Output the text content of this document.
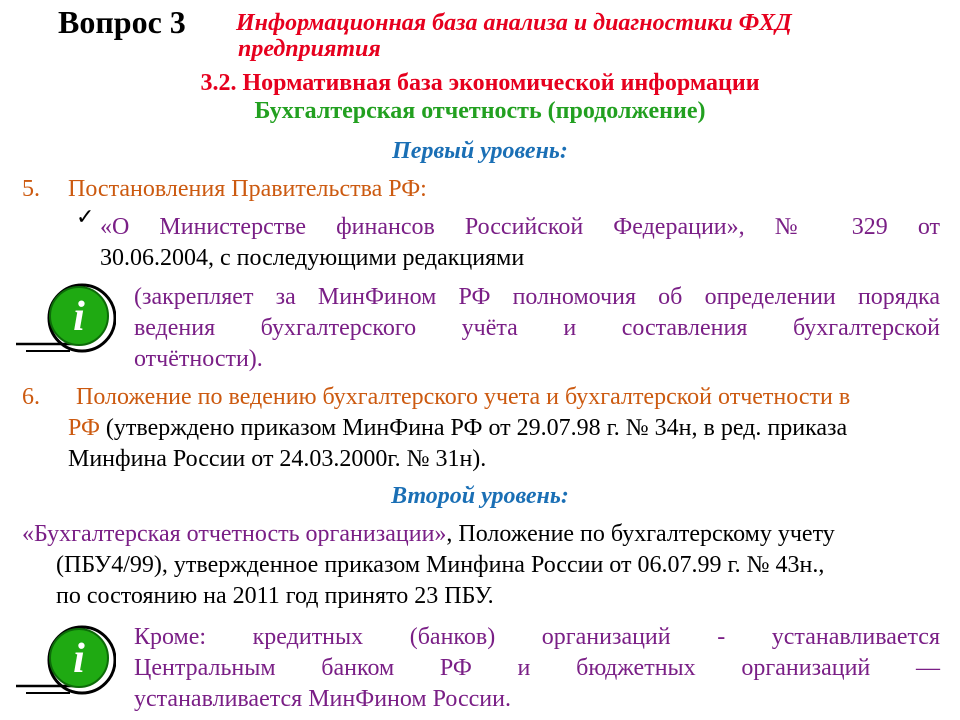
Вопрос 3 Информационная база анализа и диагностики ФХД
предприятия
3.2. Нормативная база экономической информации
Бухгалтерская отчетность (продолжение)
Первый уровень:
5. Постановления Правительства РФ:
✓ «О Министерстве финансов Российской Федерации», № 329 от
30.06.2004, с последующими редакциями
i (закрепляет за МинФином РФ полномочия об определении порядка
ведения бухгалтерского учёта и составления бухгалтерской
отчётности).
6. Положение по ведению бухгалтерского учета и бухгалтерской отчетности в
РФ (утверждено приказом МинФина РФ от 29.07.98 г. № 34н, в ред. приказа
Минфина России от 24.03.2000г. № 31н).
Второй уровень:
«Бухгалтерская отчетность организации», Положение по бухгалтерскому учету
(ПБУ4/99), утвержденное приказом Минфина России от 06.07.99 г. № 43н.,
по состоянию на 2011 год принято 23 ПБУ.
i Кроме: кредитных (банков) организаций - устанавливается
Центральным банком РФ и бюджетных организаций —
устанавливается МинФином России.
